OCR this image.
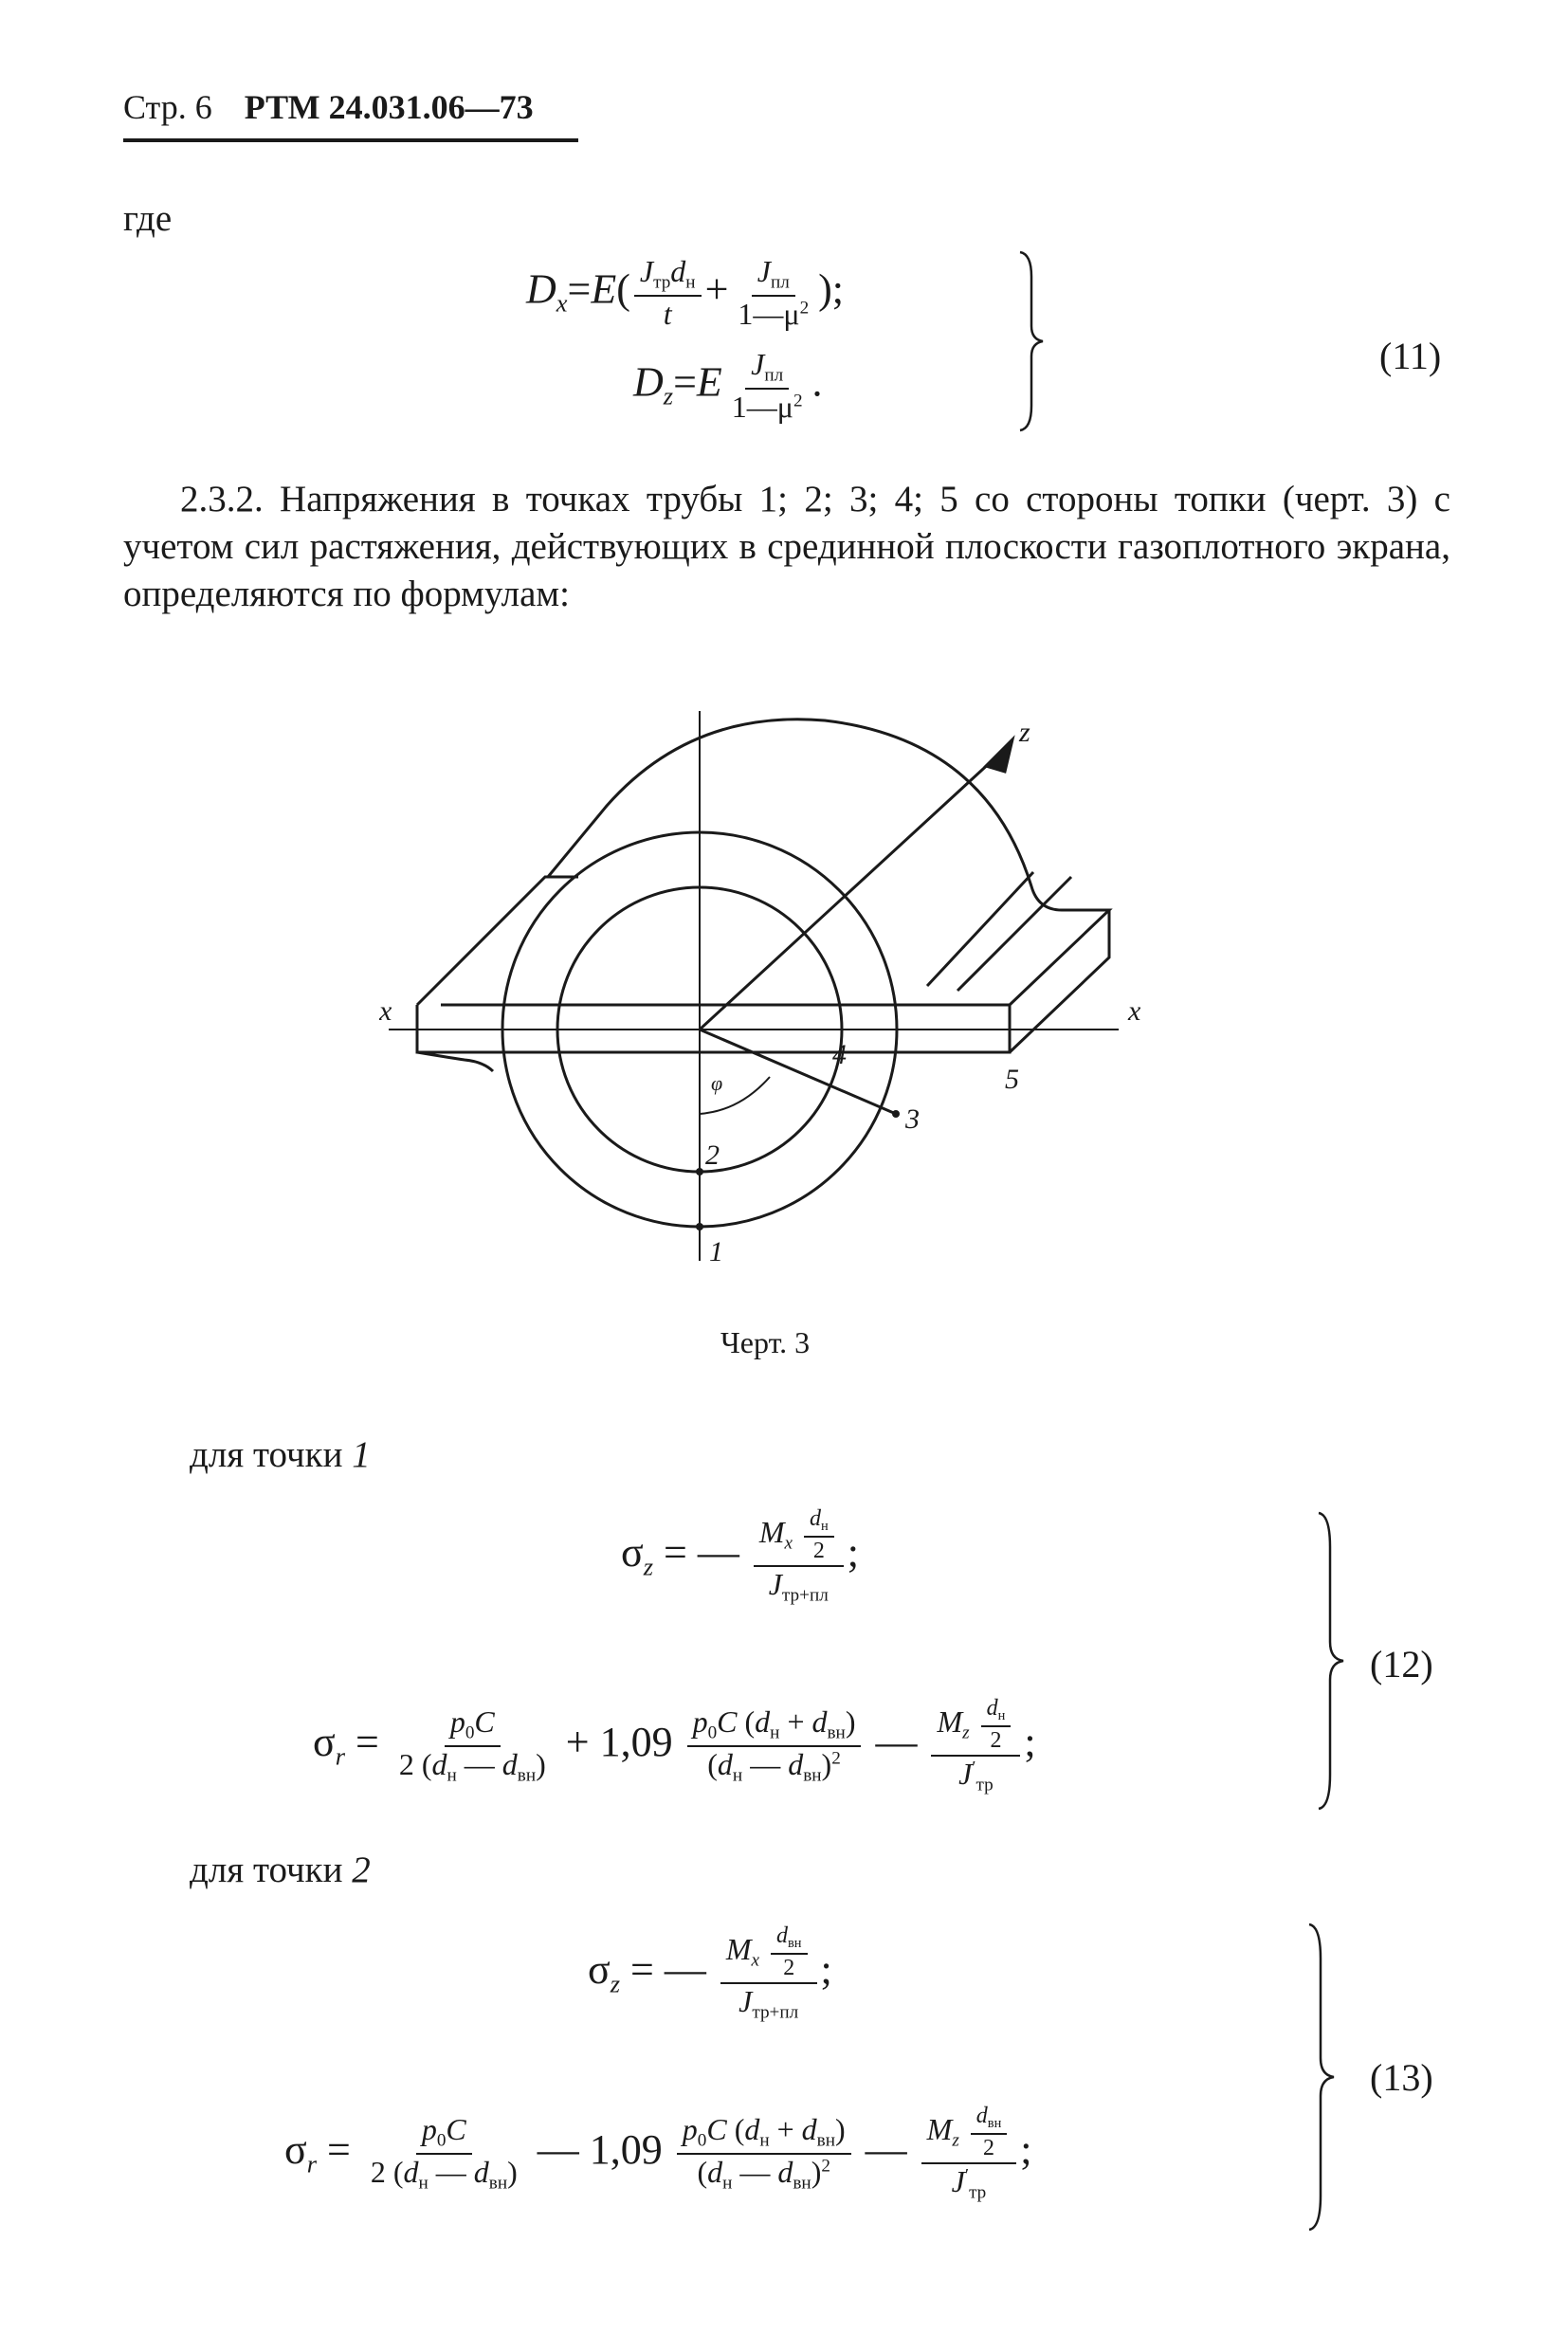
Стр. 6 РТМ 24.031.06—73
где
$D_x=E( \frac{J_{тр}d_н}{t} + \frac{J_{пл}}{1—\mu^2}$ );
$D_z=E \frac{J_{пл}}{1—\mu^2}$ .
(11)

2.3.2. Напряжения в точках трубы 1; 2; 3; 4; 5 со стороны топки (черт. 3) с учетом сил растяжения, действующих в срединной плоскости газоплотного экрана, определяются по формулам:

z
x	x
φ
4
3
5
2
1
Черт. 3
для точки 1
$\sigma_z$ = — $\frac{M_x \frac{d_н}{2}}{J_{тр+пл}}$ ;
$\sigma_r = \frac{p_0C}{2 (d_н — d_{вн})} + 1,09 \frac{p_0C (d_н + d_{вн})}{(d_н — d_{вн})^2}$ — $\frac{M_z \frac{d_н}{2}}{J'_{тр}}$ ;
(12)
для точки 2
$\sigma_z$ = — $\frac{M_x \frac{d_{вн}}{2}}{J_{тр+пл}}$ ;
$\sigma_r = \frac{p_0C}{2 (d_н — d_{вн})}$ — $1,09 \frac{p_0C (d_н + d_{вн})}{(d_н — d_{вн})^2}$ — $\frac{M_z \frac{d_{вн}}{2}}{J'_{тр}}$ ;
(13)
